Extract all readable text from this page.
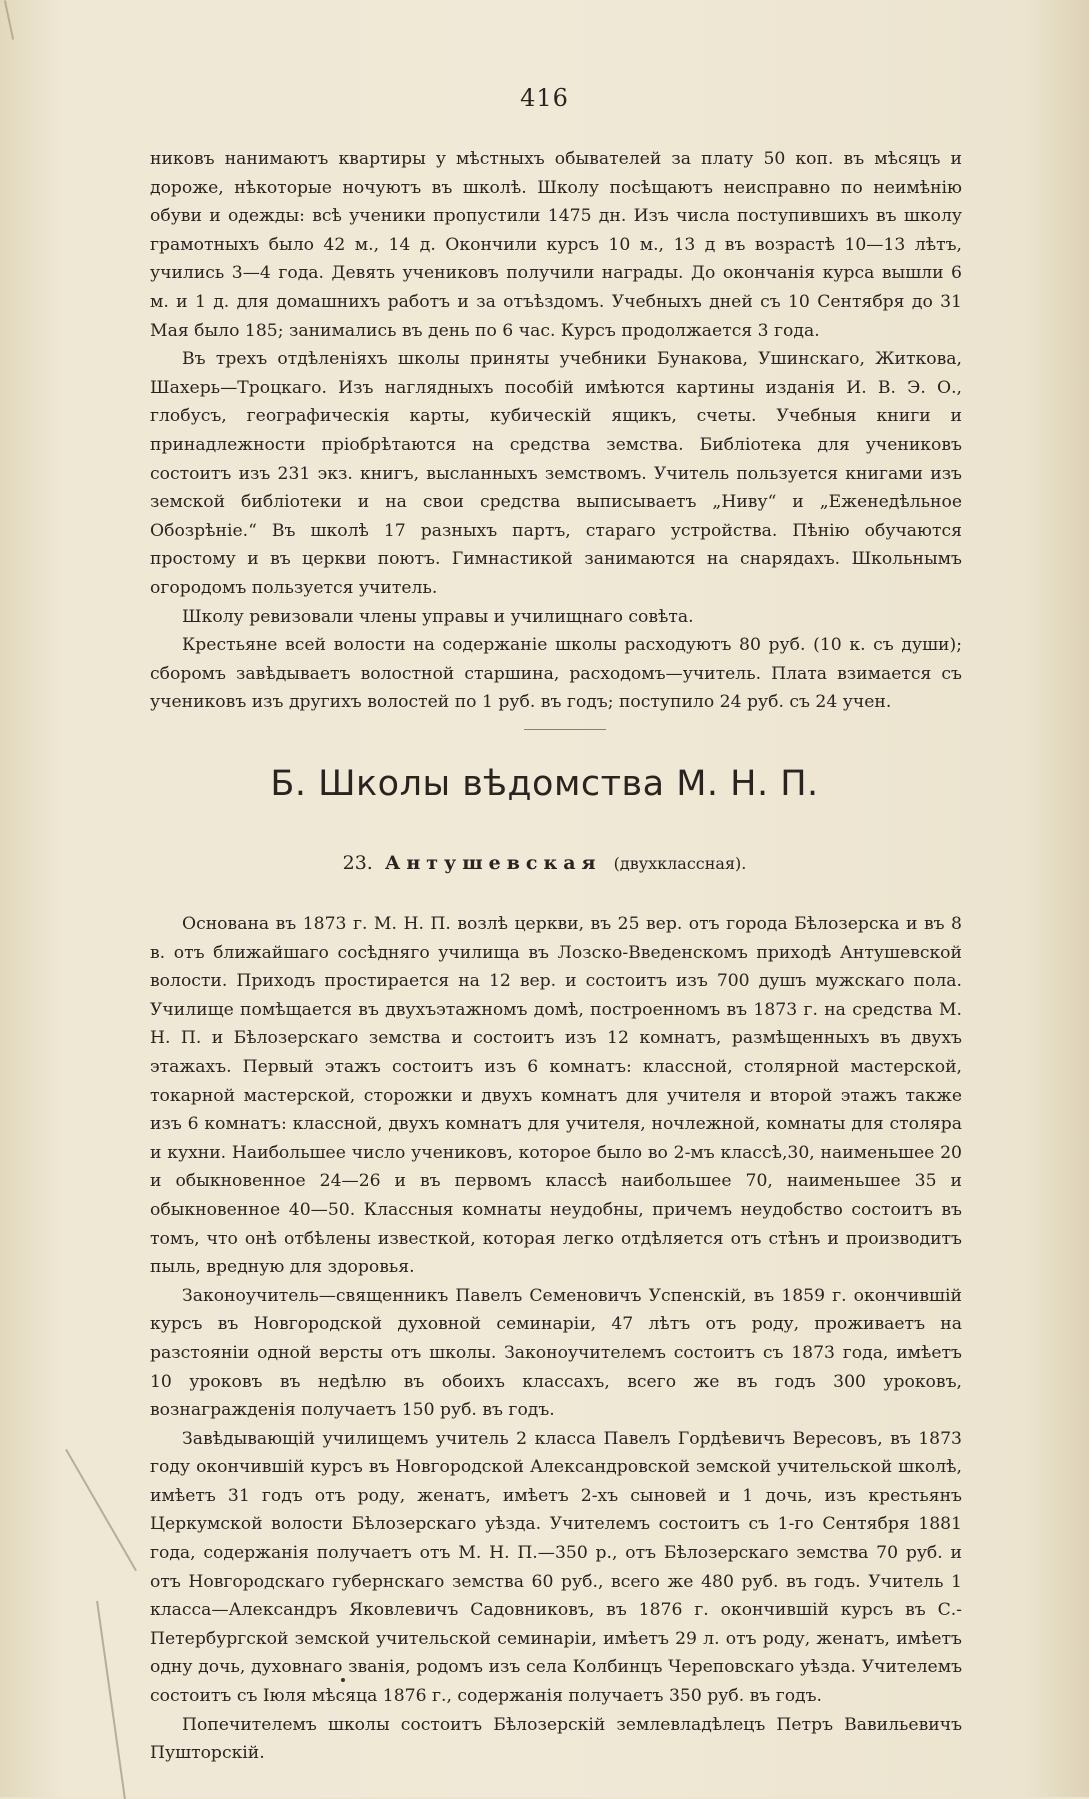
416

никовъ нанимаютъ квартиры у мѣстныхъ обывателей за плату 50 коп. въ мѣсяцъ и дороже, нѣкоторые ночуютъ въ школѣ. Школу посѣщаютъ неисправно по неимѣнію обуви и одежды: всѣ ученики пропустили 1475 дн. Изъ числа поступившихъ въ школу грамотныхъ было 42 м., 14 д. Окончили курсъ 10 м., 13 д въ возрастѣ 10—13 лѣтъ, учились 3—4 года. Девять учениковъ получили награды. До окончанія курса вышли 6 м. и 1 д. для домашнихъ работъ и за отъѣздомъ. Учебныхъ дней съ 10 Сентября до 31 Мая было 185; занимались въ день по 6 час. Курсъ продолжается 3 года.

Въ трехъ отдѣленіяхъ школы приняты учебники Бунакова, Ушинскаго, Житкова, Шахерь—Троцкаго. Изъ наглядныхъ пособій имѣются картины изданія И. В. Э. О., глобусъ, географическія карты, кубическій ящикъ, счеты. Учебныя книги и принадлежности пріобрѣтаются на средства земства. Библіотека для учениковъ состоитъ изъ 231 экз. книгъ, высланныхъ земствомъ. Учитель пользуется книгами изъ земской библіотеки и на свои средства выписываетъ „Ниву“ и „Еженедѣльное Обозрѣніе.“ Въ школѣ 17 разныхъ партъ, стараго устройства. Пѣнію обучаются простому и въ церкви поютъ. Гимнастикой занимаются на снарядахъ. Школьнымъ огородомъ пользуется учитель.

Школу ревизовали члены управы и училищнаго совѣта.

Крестьяне всей волости на содержаніе школы расходуютъ 80 руб. (10 к. съ души); сборомъ завѣдываетъ волостной старшина, расходомъ—учитель. Плата взимается съ учениковъ изъ другихъ волостей по 1 руб. въ годъ; поступило 24 руб. съ 24 учен.

Б. Школы вѣдомства М. Н. П.
23. Антушевская (двухклассная).

Основана въ 1873 г. М. Н. П. возлѣ церкви, въ 25 вер. отъ города Бѣлозерска и въ 8 в. отъ ближайшаго сосѣдняго училища въ Лозско-Введенскомъ приходѣ Антушевской волости. Приходъ простирается на 12 вер. и состоитъ изъ 700 душъ мужскаго пола. Училище помѣщается въ двухъэтажномъ домѣ, построенномъ въ 1873 г. на средства М. Н. П. и Бѣлозерскаго земства и состоитъ изъ 12 комнатъ, размѣщенныхъ въ двухъ этажахъ. Первый этажъ состоитъ изъ 6 комнатъ: классной, столярной мастерской, токарной мастерской, сторожки и двухъ комнатъ для учителя и второй этажъ также изъ 6 комнатъ: классной, двухъ комнатъ для учителя, ночлежной, комнаты для столяра и кухни. Наибольшее число учениковъ, которое было во 2-мъ классѣ,30, наименьшее 20 и обыкновенное 24—26 и въ первомъ классѣ наибольшее 70, наименьшее 35 и обыкновенное 40—50. Классныя комнаты неудобны, причемъ неудобство состоитъ въ томъ, что онѣ отбѣлены известкой, которая легко отдѣляется отъ стѣнъ и производитъ пыль, вредную для здоровья.

Законоучитель—священникъ Павелъ Семеновичъ Успенскій, въ 1859 г. окончившій курсъ въ Новгородской духовной семинаріи, 47 лѣтъ отъ роду, проживаетъ на разстояніи одной версты отъ школы. Законоучителемъ состоитъ съ 1873 года, имѣетъ 10 уроковъ въ недѣлю въ обоихъ классахъ, всего же въ годъ 300 уроковъ, вознагражденія получаетъ 150 руб. въ годъ.

Завѣдывающій училищемъ учитель 2 класса Павелъ Гордѣевичъ Вересовъ, въ 1873 году окончившій курсъ въ Новгородской Александровской земской учительской школѣ, имѣетъ 31 годъ отъ роду, женатъ, имѣетъ 2-хъ сыновей и 1 дочь, изъ крестьянъ Церкумской волости Бѣлозерскаго уѣзда. Учителемъ состоитъ съ 1-го Сентября 1881 года, содержанія получаетъ отъ М. Н. П.—350 р., отъ Бѣлозерскаго земства 70 руб. и отъ Новгородскаго губернскаго земства 60 руб., всего же 480 руб. въ годъ. Учитель 1 класса—Александръ Яковлевичъ Садовниковъ, въ 1876 г. окончившій курсъ въ С.-Петербургской земской учительской семинаріи, имѣетъ 29 л. отъ роду, женатъ, имѣетъ одну дочь, духовнаго званія, родомъ изъ села Колбинцъ Череповскаго уѣзда. Учителемъ состоитъ съ Іюля мѣсяца 1876 г., содержанія получаетъ 350 руб. въ годъ.

Попечителемъ школы состоитъ Бѣлозерскій землевладѣлецъ Петръ Вавильевичъ Пушторскій.
